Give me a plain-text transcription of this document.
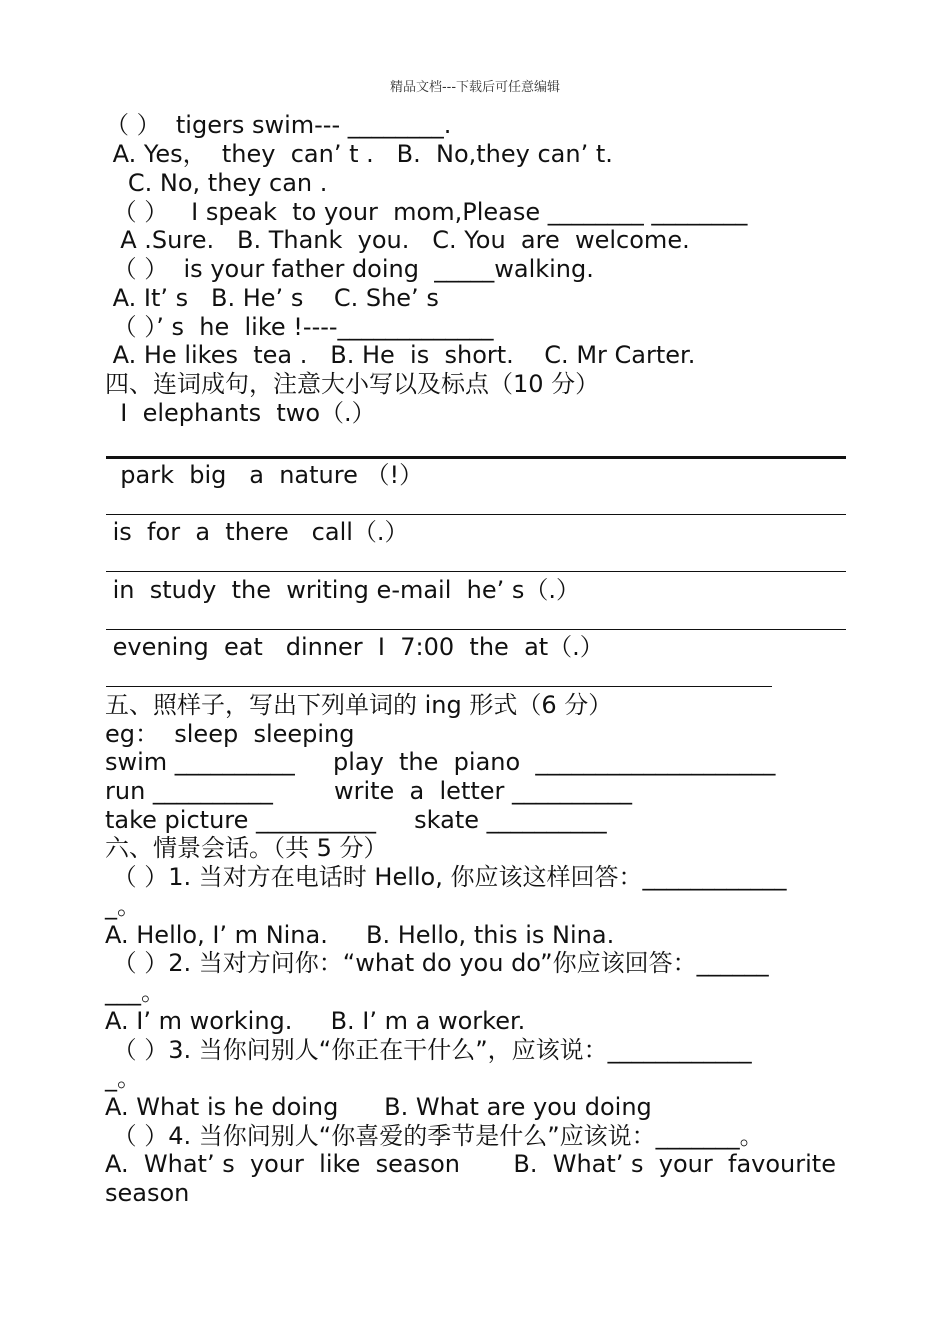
精品文档---下载后可任意编辑
（ ）  tigers swim--- ________.
A. Yes，  they  can’ t .   B.  No,they can’ t.
C. No, they can .
（ ）   I speak  to your  mom,Please ________ ________
A .Sure.   B. Thank  you.   C. You  are  welcome.
（ ）  is your father doing  _____walking.
A. It’ s   B. He’ s    C. She’ s
（ ）’ s  he  like !----_____________
A. He likes  tea .   B. He  is  short.    C. Mr Carter.
四、连词成句，注意大小写以及标点（10 分）
I  elephants  two（.）
park  big   a  nature （!）
is  for  a  there   call（.）
in  study  the  writing e-mail  he’ s（.）
evening  eat   dinner  I  7:00  the  at（.）
五、照样子，写出下列单词的 ing 形式（6 分）
eg：  sleep  sleeping
swim __________     play  the  piano  ____________________
run __________        write  a  letter __________
take picture __________     skate __________
六、情景会话。（共 5 分）
（ ）1. 当对方在电话时 Hello, 你应该这样回答：____________
_。
A. Hello, I’ m Nina.     B. Hello, this is Nina.
（ ）2. 当对方问你：“what do you do”你应该回答：______
___。
A. I’ m working.     B. I’ m a worker.
（ ）3. 当你问别人“你正在干什么”，应该说：____________
_。
A. What is he doing      B. What are you doing
（ ）4. 当你问别人“你喜爱的季节是什么”应该说：_______。
A.  What’ s  your  like  season       B.  What’ s  your  favourite
season
